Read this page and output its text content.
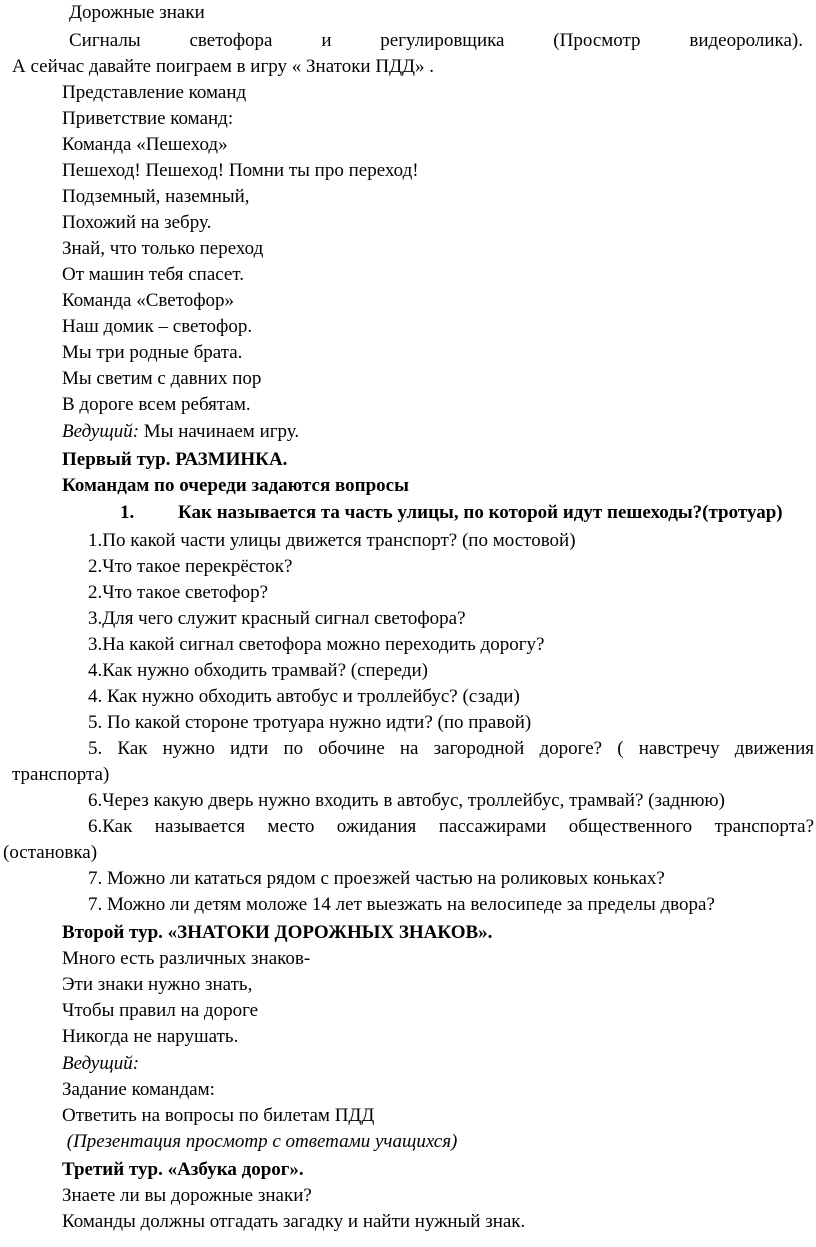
Дорожные знаки
Сигналы	светофора	и	регулировщика	(Просмотр	видеоролика).
А сейчас давайте поиграем в игру « Знатоки ПДД» .
Представление команд
Приветствие команд:
Команда «Пешеход»
Пешеход! Пешеход! Помни ты про переход!
Подземный, наземный,
Похожий на зебру.
Знай, что только переход
От машин тебя спасет.
Команда «Светофор»
Наш домик – светофор.
Мы три родные брата.
Мы светим с давних пор
В дороге всем ребятам.
Ведущий: Мы начинаем игру.
Первый тур. РАЗМИНКА.
Командам по очереди задаются вопросы
1. Как называется та часть улицы, по которой идут пешеходы?(тротуар)
1.По какой части улицы движется транспорт? (по мостовой)
2.Что такое перекрёсток?
2.Что такое светофор?
3.Для чего служит красный сигнал светофора?
3.На какой сигнал светофора можно переходить дорогу?
4.Как нужно обходить трамвай? (спереди)
4. Как нужно обходить автобус и троллейбус? (сзади)
5. По какой стороне тротуара нужно идти? (по правой)
5. Как нужно идти по обочине на загородной дороге? ( навстречу движения
транспорта)
6.Через какую дверь нужно входить в автобус, троллейбус, трамвай? (заднюю)
6.Как называется место ожидания пассажирами общественного транспорта?
(остановка)
7. Можно ли кататься рядом с проезжей частью на роликовых коньках?
7. Можно ли детям моложе 14 лет выезжать на велосипеде за пределы двора?
Второй тур. «ЗНАТОКИ ДОРОЖНЫХ ЗНАКОВ».
Много есть различных знаков-
Эти знаки нужно знать,
Чтобы правил на дороге
Никогда не нарушать.
Ведущий:
Задание командам:
Ответить на вопросы по билетам ПДД
(Презентация просмотр с ответами учащихся)
Третий тур. «Азбука дорог».
Знаете ли вы дорожные знаки?
Команды должны отгадать загадку и найти нужный знак.
